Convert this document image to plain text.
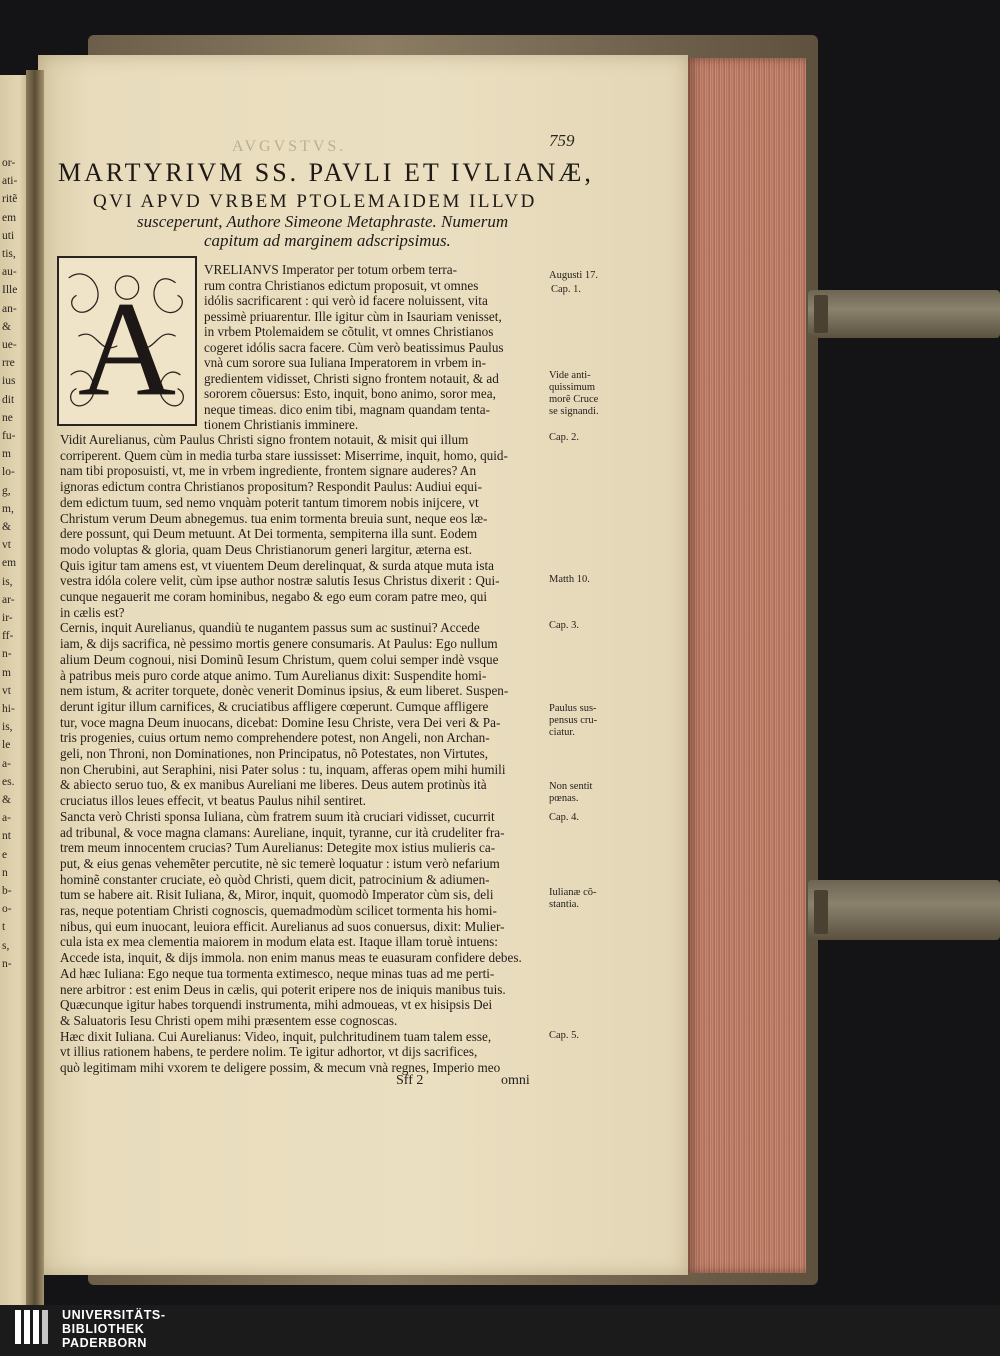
or-
ati-
ritẽ
em
uti
tis,
au-
Ille
an-
&
ue-
rre
ius
dit
ne
fu-
m
lo-
g,
m,
&
vt
em
is,
ar-
ir-
ff-
n-
m
vt
hi-
is,
le
a-
es.
&
a-
nt
e
n
b-
o-
t
s,
n-
AVGVSTVS.	759
MARTYRIVM SS. PAVLI ET IVLIANÆ,
QVI APVD VRBEM PTOLEMAIDEM ILLVD
susceperunt, Authore Simeone Metaphraste. Numerum
capitum ad marginem adscripsimus.
A
VRELIANVS Imperator per totum orbem terra-
rum contra Christianos edictum proposuit, vt omnes
idólis sacrificarent : qui verò id facere noluissent, vita
pessimè priuarentur. Ille igitur cùm in Isauriam venisset,
in vrbem Ptolemaidem se cõtulit, vt omnes Christianos
cogeret idólis sacra facere. Cùm verò beatissimus Paulus
vnà cum sorore sua Iuliana Imperatorem in vrbem in-
gredientem vidisset, Christi signo frontem notauit, & ad
sororem cõuersus: Esto, inquit, bono animo, soror mea,
neque timeas. dico enim tibi, magnam quandam tenta-
tionem Christianis imminere.
Vidit Aurelianus, cùm Paulus Christi signo frontem notauit, & misit qui illum
corriperent. Quem cùm in media turba stare iussisset: Miserrime, inquit, homo, quid-
nam tibi proposuisti, vt, me in vrbem ingrediente, frontem signare auderes? An
ignoras edictum contra Christianos propositum? Respondit Paulus: Audiui equi-
dem edictum tuum, sed nemo vnquàm poterit tantum timorem nobis inijcere, vt
Christum verum Deum abnegemus. tua enim tormenta breuia sunt, neque eos læ-
dere possunt, qui Deum metuunt. At Dei tormenta, sempiterna illa sunt. Eodem
modo voluptas & gloria, quam Deus Christianorum generi largitur, æterna est.
Quis igitur tam amens est, vt viuentem Deum derelinquat, & surda atque muta ista
vestra idóla colere velit, cùm ipse author nostræ salutis Iesus Christus dixerit : Qui-
cunque negauerit me coram hominibus, negabo & ego eum coram patre meo, qui
in cælis est?
Cernis, inquit Aurelianus, quandiù te nugantem passus sum ac sustinui? Accede
iam, & dijs sacrifica, nè pessimo mortis genere consumaris. At Paulus: Ego nullum
alium Deum cognoui, nisi Dominũ Iesum Christum, quem colui semper indè vsque
à patribus meis puro corde atque animo. Tum Aurelianus dixit: Suspendite homi-
nem istum, & acriter torquete, donèc venerit Dominus ipsius, & eum liberet. Suspen-
derunt igitur illum carnifices, & cruciatibus affligere cœperunt. Cumque affligere
tur, voce magna Deum inuocans, dicebat: Domine Iesu Christe, vera Dei veri & Pa-
tris progenies, cuius ortum nemo comprehendere potest, non Angeli, non Archan-
geli, non Throni, non Dominationes, non Principatus, nõ Potestates, non Virtutes,
non Cherubini, aut Seraphini, nisi Pater solus : tu, inquam, afferas opem mihi humili
& abiecto seruo tuo, & ex manibus Aureliani me liberes. Deus autem protinùs ità
cruciatus illos leues effecit, vt beatus Paulus nihil sentiret.
Sancta verò Christi sponsa Iuliana, cùm fratrem suum ità cruciari vidisset, cucurrit
ad tribunal, & voce magna clamans: Aureliane, inquit, tyranne, cur ità crudeliter fra-
trem meum innocentem crucias? Tum Aurelianus: Detegite mox istius mulieris ca-
put, & eius genas vehemẽter percutite, nè sic temerè loquatur : istum verò nefarium
hominẽ constanter cruciate, eò quòd Christi, quem dicit, patrocinium & adiumen-
tum se habere ait. Risit Iuliana, &, Miror, inquit, quomodò Imperator cùm sis, deli
ras, neque potentiam Christi cognoscis, quemadmodùm scilicet tormenta his homi-
nibus, qui eum inuocant, leuiora efficit. Aurelianus ad suos conuersus, dixit: Mulier-
cula ista ex mea clementia maiorem in modum elata est. Itaque illam toruè intuens:
Accede ista, inquit, & dijs immola. non enim manus meas te euasuram confidere debes.
Ad hæc Iuliana: Ego neque tua tormenta extimesco, neque minas tuas ad me perti-
nere arbitror : est enim Deus in cælis, qui poterit eripere nos de iniquis manibus tuis.
Quæcunque igitur habes torquendi instrumenta, mihi admoueas, vt ex hisipsis Dei
& Saluatoris Iesu Christi opem mihi præsentem esse cognoscas.
Hæc dixit Iuliana. Cui Aurelianus: Video, inquit, pulchritudinem tuam talem esse,
vt illius rationem habens, te perdere nolim. Te igitur adhortor, vt dijs sacrifices,
quò legitimam mihi vxorem te deligere possim, & mecum vnà regnes, Imperio meo
Augusti 17.
Cap. 1.
Vide anti-
quissimum
morẽ Cruce
se signandi.
Cap. 2.
Matth 10.
Cap. 3.
Paulus sus-
pensus cru-
ciatur.
Non sentit
pœnas.
Cap. 4.
Iulianæ cõ-
stantia.
Cap. 5.
Sff 2	omni
UNIVERSITÄTS-
BIBLIOTHEK
PADERBORN
